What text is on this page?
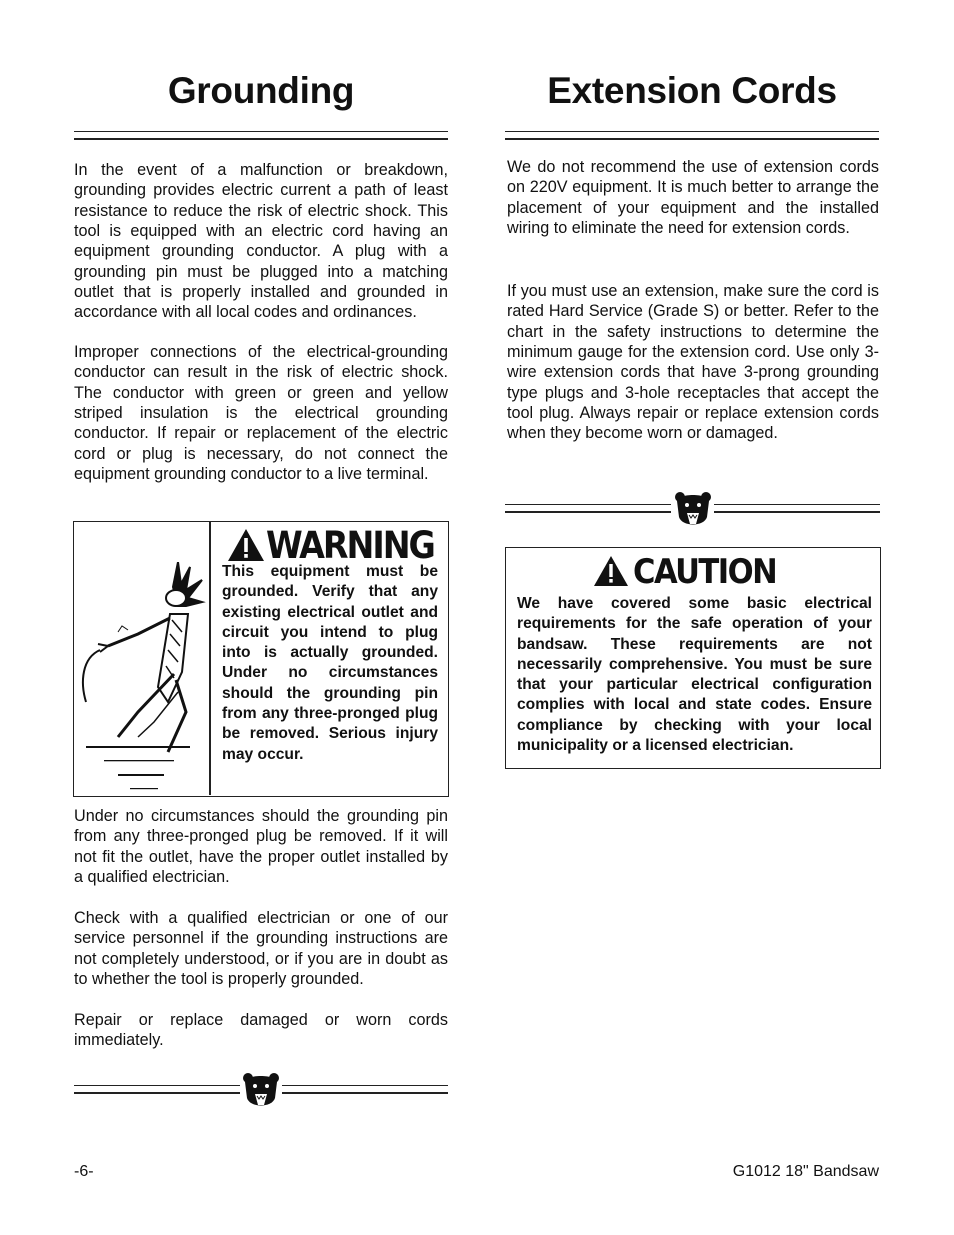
Grounding

In the event of a malfunction or breakdown, grounding provides electric current a path of least resistance to reduce the risk of electric shock. This tool is equipped with an electric cord having an equipment grounding conductor. A plug with a grounding pin must be plugged into a matching outlet that is properly installed and grounded in accordance with all local codes and ordinances.

Improper connections of the electrical-grounding conductor can result in the risk of electric shock. The conductor with green or green and yellow striped insulation is the electrical grounding conductor. If repair or replacement of the electric cord or plug is necessary, do not connect the equipment grounding conductor to a live terminal.

WARNING

This equipment must be grounded. Verify that any existing electrical outlet and circuit you intend to plug into is actually grounded. Under no circumstances should the grounding pin from any three-pronged plug be removed. Serious injury may occur.

Under no circumstances should the grounding pin from any three-pronged plug be removed. If it will not fit the outlet, have the proper outlet installed by a qualified electrician.

Check with a qualified electrician or one of our service personnel if the grounding instructions are not completely understood, or if you are in doubt as to whether the tool is properly grounded.

Repair or replace damaged or worn cords immediately.

Extension Cords

We do not recommend the use of extension cords on 220V equipment. It is much better to arrange the placement of your equipment and the installed wiring to eliminate the need for extension cords.

If you must use an extension, make sure the cord is rated Hard Service (Grade S) or better. Refer to the chart in the safety instructions to determine the minimum gauge for the extension cord. Use only 3-wire extension cords that have 3-prong grounding type plugs and 3-hole receptacles that accept the tool plug. Always repair or replace extension cords when they become worn or damaged.

CAUTION

We have covered some basic electrical requirements for the safe operation of your bandsaw. These requirements are not necessarily comprehensive. You must be sure that your particular electrical configuration complies with local and state codes. Ensure compliance by checking with your local municipality or a licensed electrician.

-6-	G1012 18" Bandsaw
